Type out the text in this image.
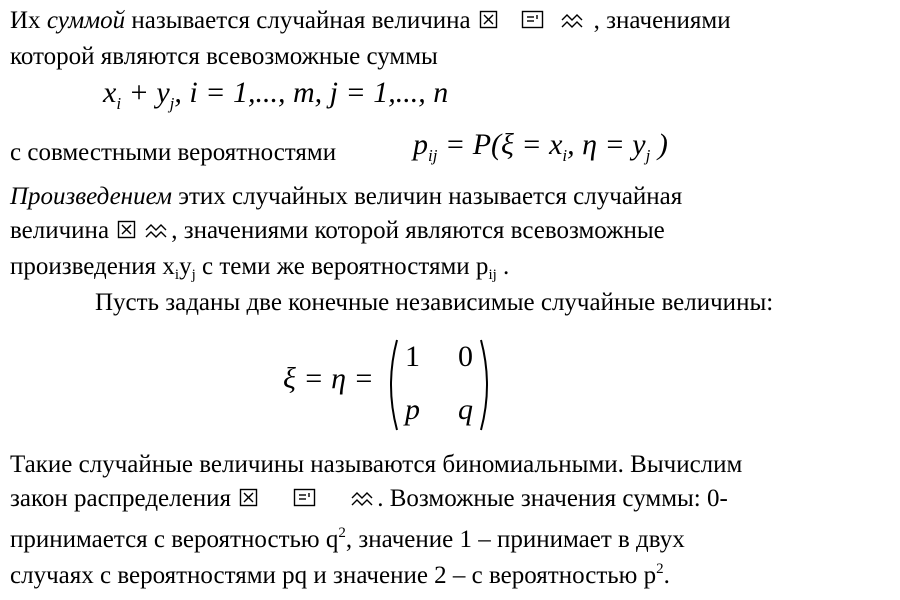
Их суммой называется случайная величина	, значениями
которой являются всевозможные суммы
$x_i + y_j$, i = 1,..., m, j = 1,..., n
с совместными вероятностями	$p_{ij} = P(\xi = x_i$, $\eta = y_j$ )
Произведением этих случайных величин называется случайная
величина , значениями которой являются всевозможные
произведения $x_iy_j$ с теми же вероятностями $p_{ij}$ .
Пусть заданы две конечные независимые случайные величины:
ξ = η =
1 0
p q
Такие случайные величины называются биномиальными. Вычислим
закон распределения	. Возможные значения суммы: 0-
принимается с вероятностью $q^2$, значение 1 – принимает в двух
случаях с вероятностями pq и значение 2 – с вероятностью $p^2$.
